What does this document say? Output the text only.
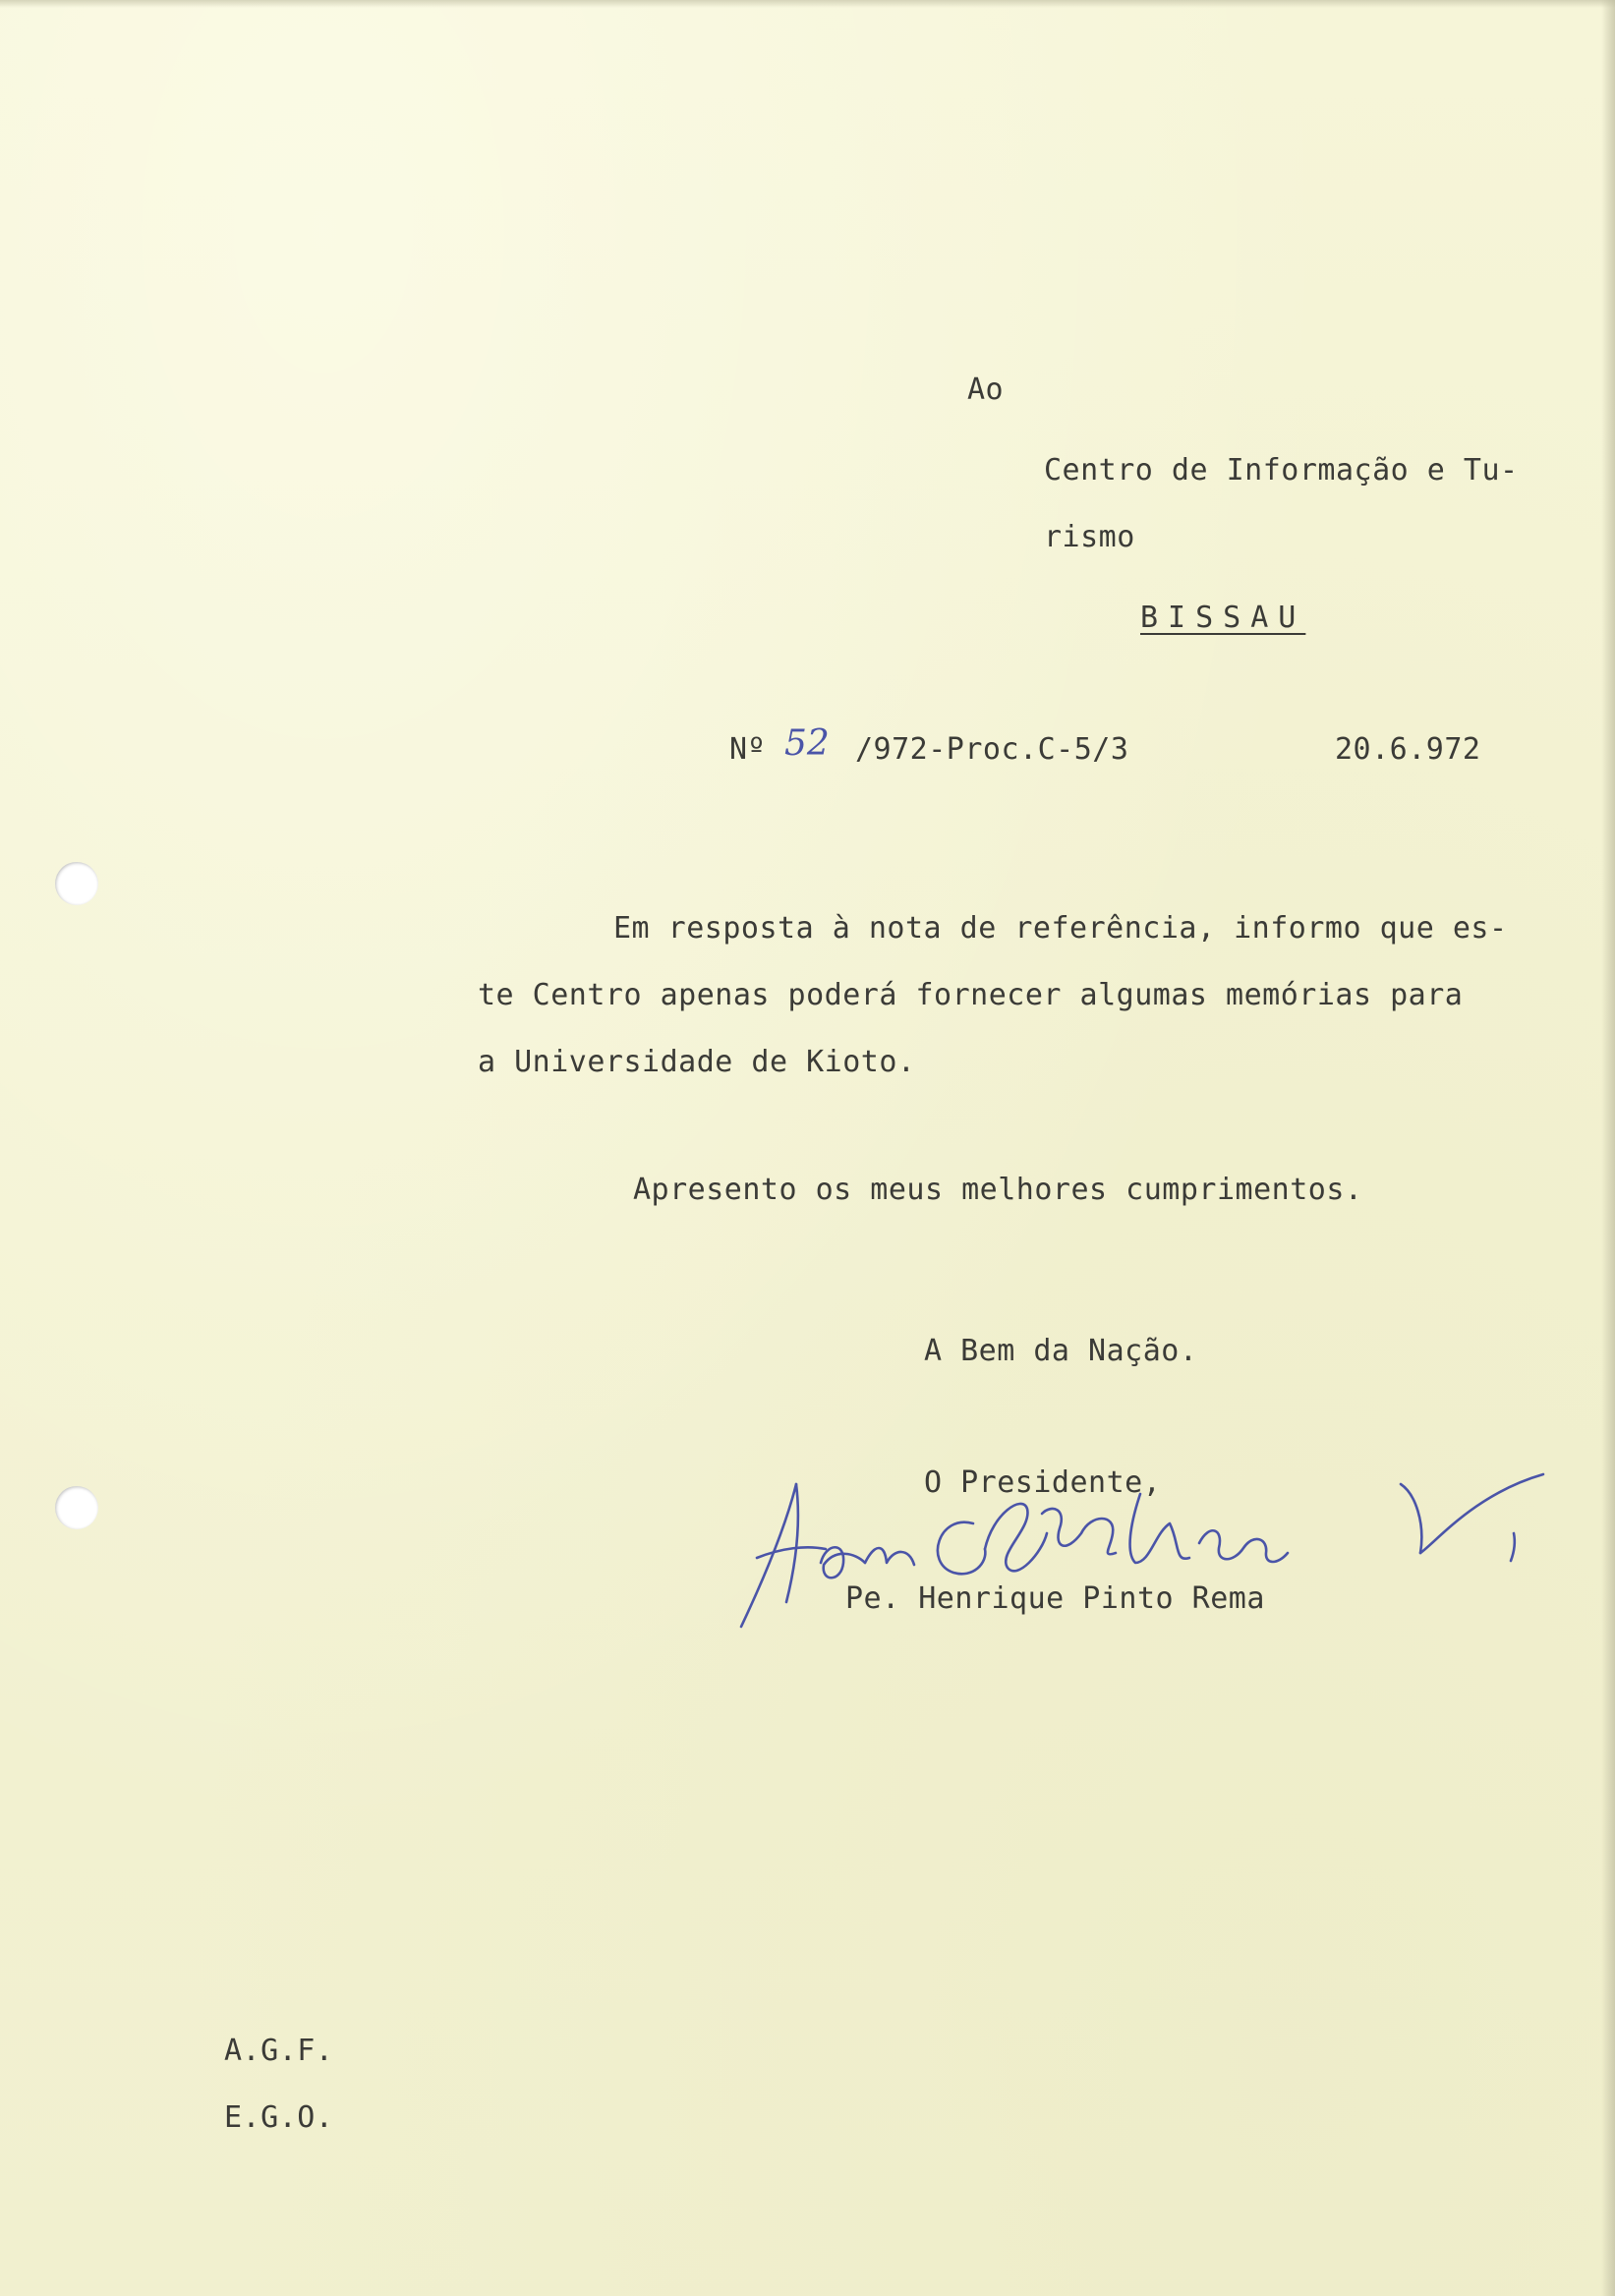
Ao
Centro de Informação e Tu-
rismo
BISSAU
Nº 52 /972-Proc.C-5/3	20.6.972
Em resposta à nota de referência, informo que es-
te Centro apenas poderá fornecer algumas memórias para
a Universidade de Kioto.
Apresento os meus melhores cumprimentos.
A Bem da Nação.
O Presidente,
Pe. Henrique Pinto Rema
A.G.F.
E.G.O.
